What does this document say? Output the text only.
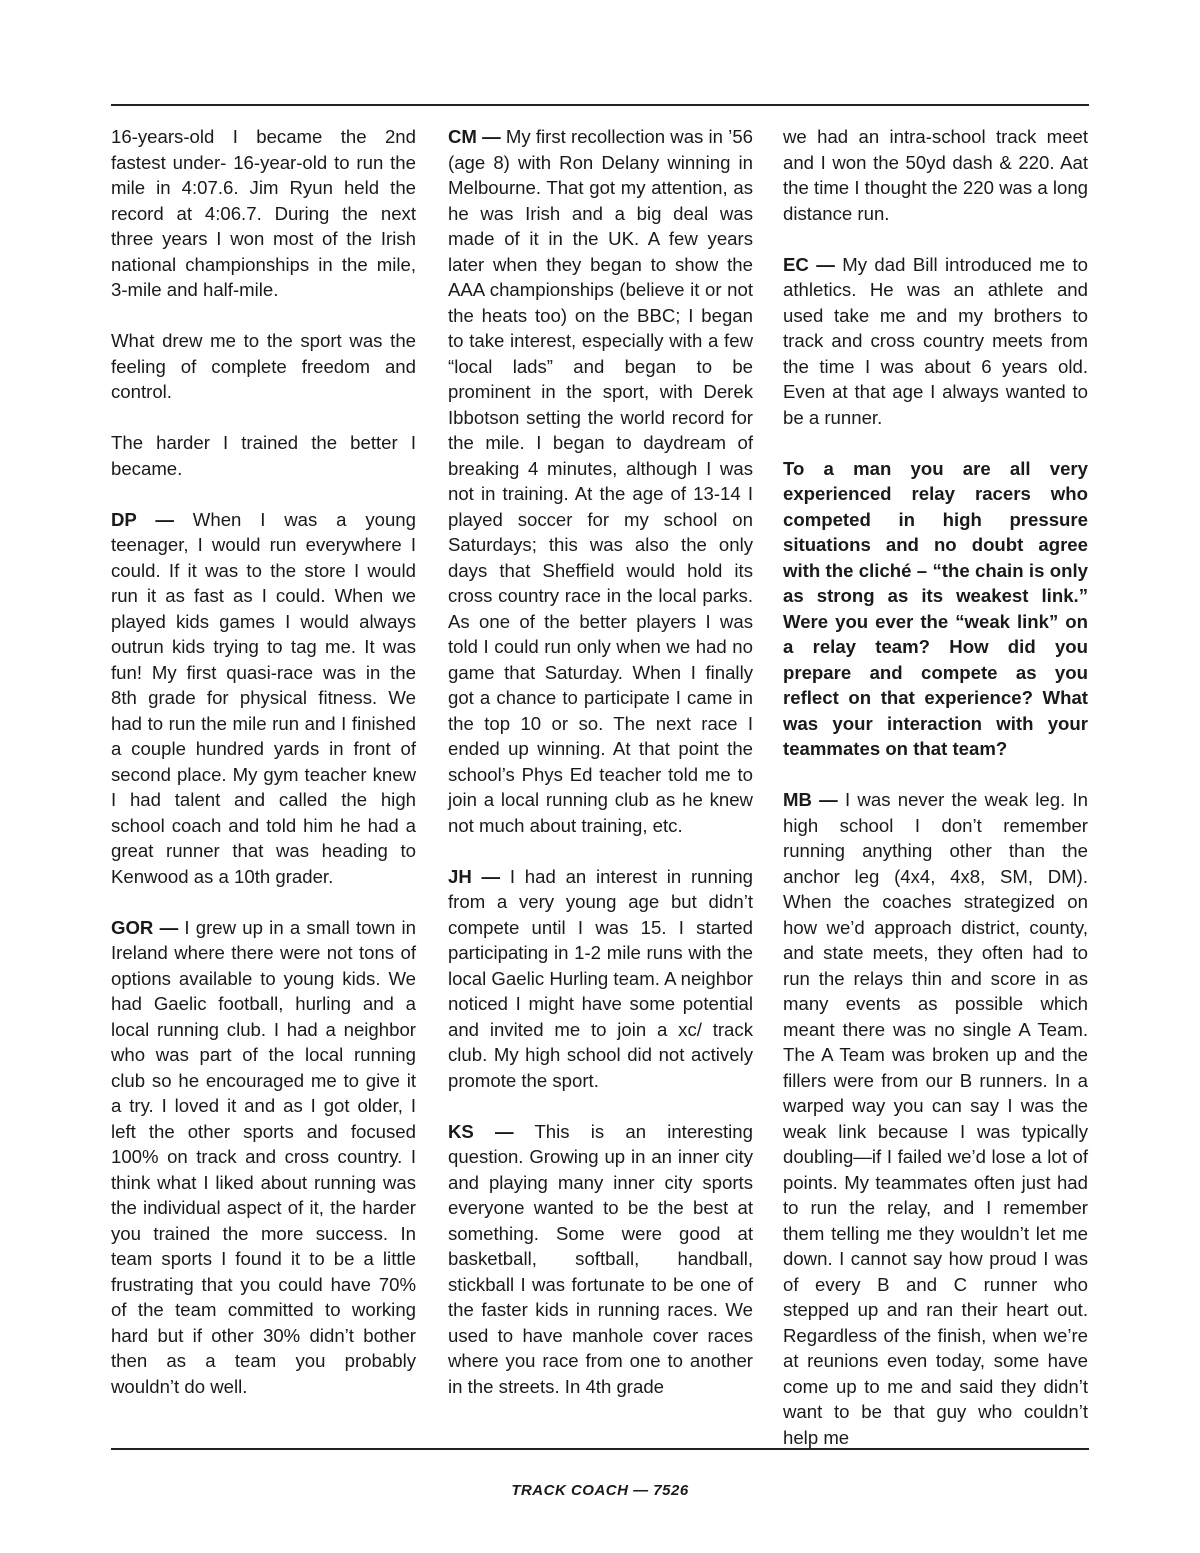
16-years-old I became the 2nd fastest under- 16-year-old to run the mile in 4:07.6. Jim Ryun held the record at 4:06.7. During the next three years I won most of the Irish national championships in the mile, 3-mile and half-mile.

What drew me to the sport was the feeling of complete freedom and control.

The harder I trained the better I became.

DP — When I was a young teenager, I would run everywhere I could. If it was to the store I would run it as fast as I could. When we played kids games I would always outrun kids trying to tag me. It was fun! My first quasi-race was in the 8th grade for physical fitness. We had to run the mile run and I finished a couple hundred yards in front of second place. My gym teacher knew I had talent and called the high school coach and told him he had a great runner that was heading to Kenwood as a 10th grader.

GOR — I grew up in a small town in Ireland where there were not tons of options available to young kids. We had Gaelic football, hurling and a local running club. I had a neighbor who was part of the local running club so he encouraged me to give it a try. I loved it and as I got older, I left the other sports and focused 100% on track and cross country. I think what I liked about running was the individual aspect of it, the harder you trained the more success. In team sports I found it to be a little frustrating that you could have 70% of the team committed to working hard but if other 30% didn’t bother then as a team you probably wouldn’t do well.

CM — My first recollection was in ’56 (age 8) with Ron Delany winning in Melbourne. That got my attention, as he was Irish and a big deal was made of it in the UK. A few years later when they began to show the AAA championships (believe it or not the heats too) on the BBC; I began to take interest, especially with a few “local lads” and began to be prominent in the sport, with Derek Ibbotson setting the world record for the mile. I began to daydream of breaking 4 minutes, although I was not in training. At the age of 13-14 I played soccer for my school on Saturdays; this was also the only days that Sheffield would hold its cross country race in the local parks. As one of the better players I was told I could run only when we had no game that Saturday. When I finally got a chance to participate I came in the top 10 or so. The next race I ended up winning. At that point the school’s Phys Ed teacher told me to join a local running club as he knew not much about training, etc.

JH — I had an interest in running from a very young age but didn’t compete until I was 15. I started participating in 1-2 mile runs with the local Gaelic Hurling team. A neighbor noticed I might have some potential and invited me to join a xc/ track club. My high school did not actively promote the sport.

KS — This is an interesting question. Growing up in an inner city and playing many inner city sports everyone wanted to be the best at something. Some were good at basketball, softball, handball, stickball I was fortunate to be one of the faster kids in running races. We used to have manhole cover races where you race from one to another in the streets. In 4th grade

we had an intra-school track meet and I won the 50yd dash & 220. Aat the time I thought the 220 was a long distance run.

EC — My dad Bill introduced me to athletics. He was an athlete and used take me and my brothers to track and cross country meets from the time I was about 6 years old. Even at that age I always wanted to be a runner.

To a man you are all very experienced relay racers who competed in high pressure situations and no doubt agree with the cliché – “the chain is only as strong as its weakest link.” Were you ever the “weak link” on a relay team? How did you prepare and compete as you reflect on that experience? What was your interaction with your teammates on that team?

MB — I was never the weak leg. In high school I don’t remember running anything other than the anchor leg (4x4, 4x8, SM, DM). When the coaches strategized on how we’d approach district, county, and state meets, they often had to run the relays thin and score in as many events as possible which meant there was no single A Team. The A Team was broken up and the fillers were from our B runners. In a warped way you can say I was the weak link because I was typically doubling—if I failed we’d lose a lot of points. My teammates often just had to run the relay, and I remember them telling me they wouldn’t let me down. I cannot say how proud I was of every B and C runner who stepped up and ran their heart out. Regardless of the finish, when we’re at reunions even today, some have come up to me and said they didn’t want to be that guy who couldn’t help me

TRACK COACH — 7526
